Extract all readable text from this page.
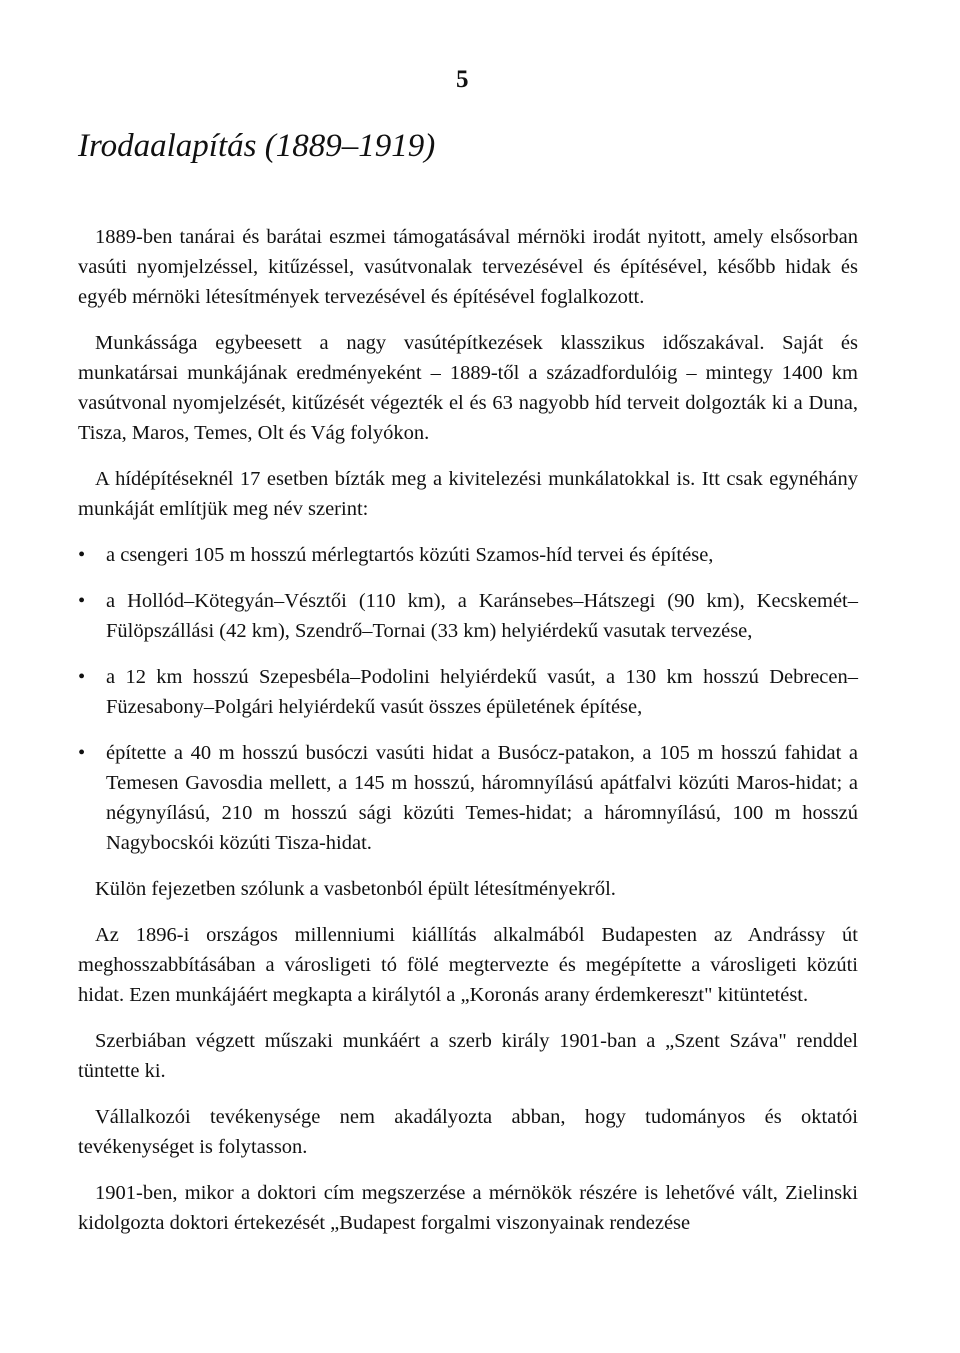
5
Irodaalapítás (1889–1919)

1889-ben tanárai és barátai eszmei támogatásával mérnöki irodát nyitott, amely elsősorban vasúti nyomjelzéssel, kitűzéssel, vasútvonalak tervezésével és építésével, később hidak és egyéb mérnöki létesítmények tervezésével és építésével foglalkozott.

Munkássága egybeesett a nagy vasútépítkezések klasszikus időszakával. Saját és munkatársai munkájának eredményeként – 1889-től a századfordulóig – mintegy 1400 km vasútvonal nyomjelzését, kitűzését végezték el és 63 nagyobb híd terveit dolgozták ki a Duna, Tisza, Maros, Temes, Olt és Vág folyókon.

A hídépítéseknél 17 esetben bízták meg a kivitelezési munkálatokkal is. Itt csak egynéhány munkáját említjük meg név szerint:

• a csengeri 105 m hosszú mérlegtartós közúti Szamos-híd tervei és építése,
• a Hollód–Kötegyán–Vésztői (110 km), a Karánsebes–Hátszegi (90 km), Kecskemét–Fülöpszállási (42 km), Szendrő–Tornai (33 km) helyiérdekű vasutak tervezése,
• a 12 km hosszú Szepesbéla–Podolini helyiérdekű vasút, a 130 km hosszú Debrecen–Füzesabony–Polgári helyiérdekű vasút összes épületének építése,
• építette a 40 m hosszú busóczi vasúti hidat a Busócz-patakon, a 105 m hosszú fahidat a Temesen Gavosdia mellett, a 145 m hosszú, háromnyílású apátfalvi közúti Maros-hidat; a négynyílású, 210 m hosszú sági közúti Temes-hidat; a háromnyílású, 100 m hosszú Nagybocskói közúti Tisza-hidat.

Külön fejezetben szólunk a vasbetonból épült létesítményekről.

Az 1896-i országos millenniumi kiállítás alkalmából Budapesten az Andrássy út meghosszabbításában a városligeti tó fölé megtervezte és megépítette a városligeti közúti hidat. Ezen munkájáért megkapta a királytól a „Koronás arany érdemkereszt" kitüntetést.

Szerbiában végzett műszaki munkáért a szerb király 1901-ban a „Szent Száva" renddel tüntette ki.

Vállalkozói tevékenysége nem akadályozta abban, hogy tudományos és oktatói tevékenységet is folytasson.

1901-ben, mikor a doktori cím megszerzése a mérnökök részére is lehetővé vált, Zielinski kidolgozta doktori értekezését „Budapest forgalmi viszonyainak rendezése
